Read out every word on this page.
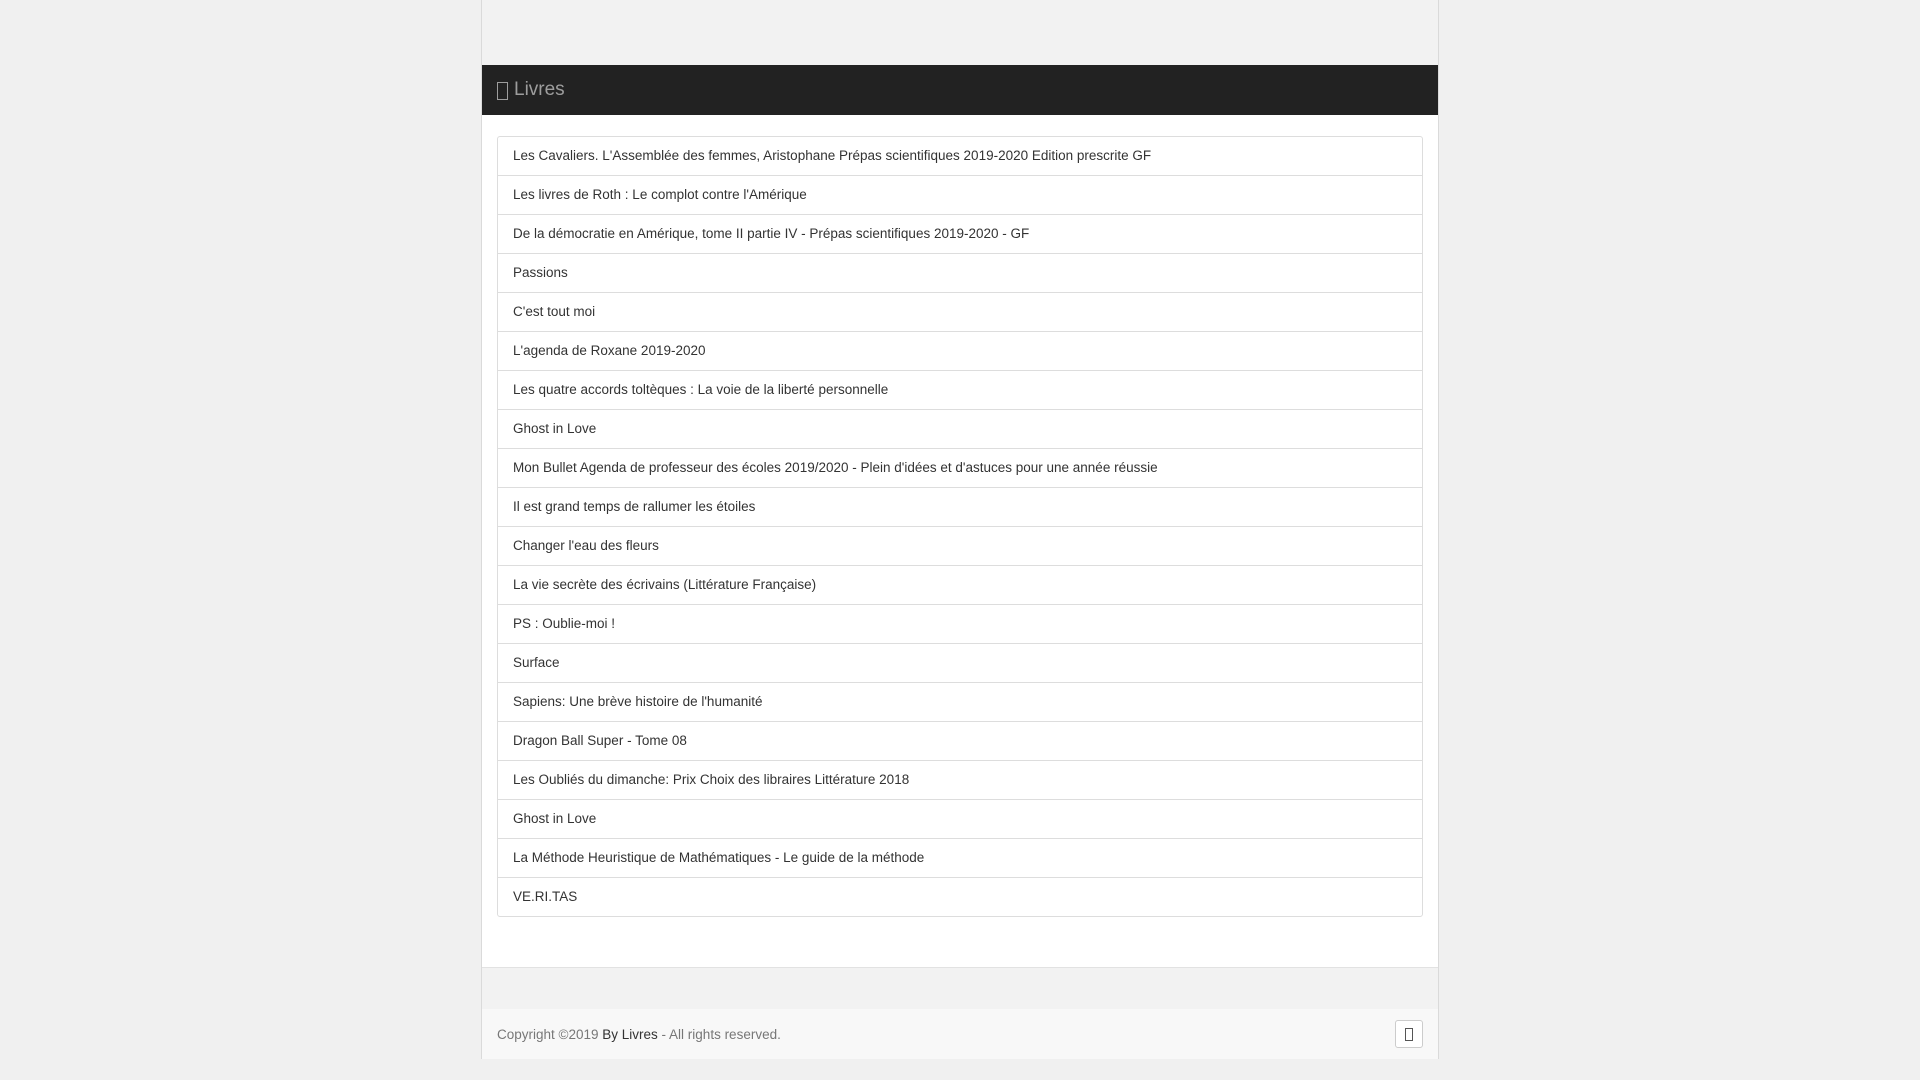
Livres
Les Cavaliers. L'Assemblée des femmes, Aristophane Prépas scientifiques 2019-2020 Edition prescrite GF
Les livres de Roth : Le complot contre l'Amérique
De la démocratie en Amérique, tome II partie IV - Prépas scientifiques 2019-2020 - GF
Passions
C'est tout moi
L'agenda de Roxane 2019-2020
Les quatre accords toltèques : La voie de la liberté personnelle
Ghost in Love
Mon Bullet Agenda de professeur des écoles 2019/2020 - Plein d'idées et d'astuces pour une année réussie
Il est grand temps de rallumer les étoiles
Changer l'eau des fleurs
La vie secrète des écrivains (Littérature Française)
PS : Oublie-moi !
Surface
Sapiens: Une brève histoire de l'humanité
Dragon Ball Super - Tome 08
Les Oubliés du dimanche: Prix Choix des libraires Littérature 2018
Ghost in Love
La Méthode Heuristique de Mathématiques - Le guide de la méthode
VE.RI.TAS
Copyright ©2019 By Livres - All rights reserved.
